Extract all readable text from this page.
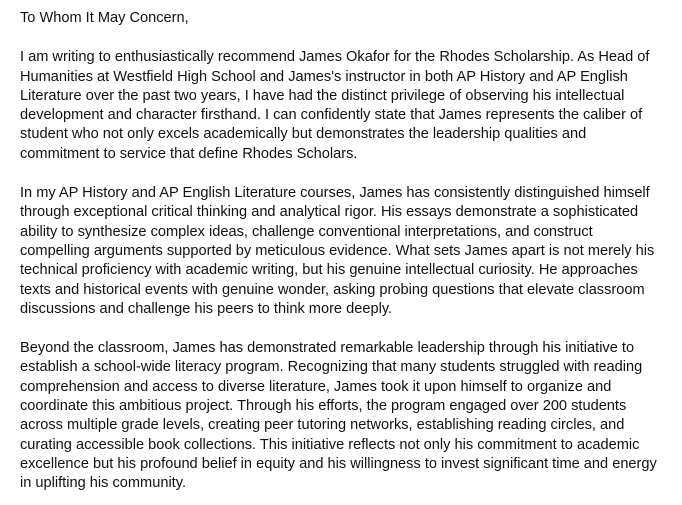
To Whom It May Concern,

I am writing to enthusiastically recommend James Okafor for the Rhodes Scholarship. As Head of Humanities at Westfield High School and James's instructor in both AP History and AP English Literature over the past two years, I have had the distinct privilege of observing his intellectual development and character firsthand. I can confidently state that James represents the caliber of student who not only excels academically but demonstrates the leadership qualities and commitment to service that define Rhodes Scholars.

In my AP History and AP English Literature courses, James has consistently distinguished himself through exceptional critical thinking and analytical rigor. His essays demonstrate a sophisticated ability to synthesize complex ideas, challenge conventional interpretations, and construct compelling arguments supported by meticulous evidence. What sets James apart is not merely his technical proficiency with academic writing, but his genuine intellectual curiosity. He approaches texts and historical events with genuine wonder, asking probing questions that elevate classroom discussions and challenge his peers to think more deeply.

Beyond the classroom, James has demonstrated remarkable leadership through his initiative to establish a school-wide literacy program. Recognizing that many students struggled with reading comprehension and access to diverse literature, James took it upon himself to organize and coordinate this ambitious project. Through his efforts, the program engaged over 200 students across multiple grade levels, creating peer tutoring networks, establishing reading circles, and curating accessible book collections. This initiative reflects not only his commitment to academic excellence but his profound belief in equity and his willingness to invest significant time and energy in uplifting his community.
